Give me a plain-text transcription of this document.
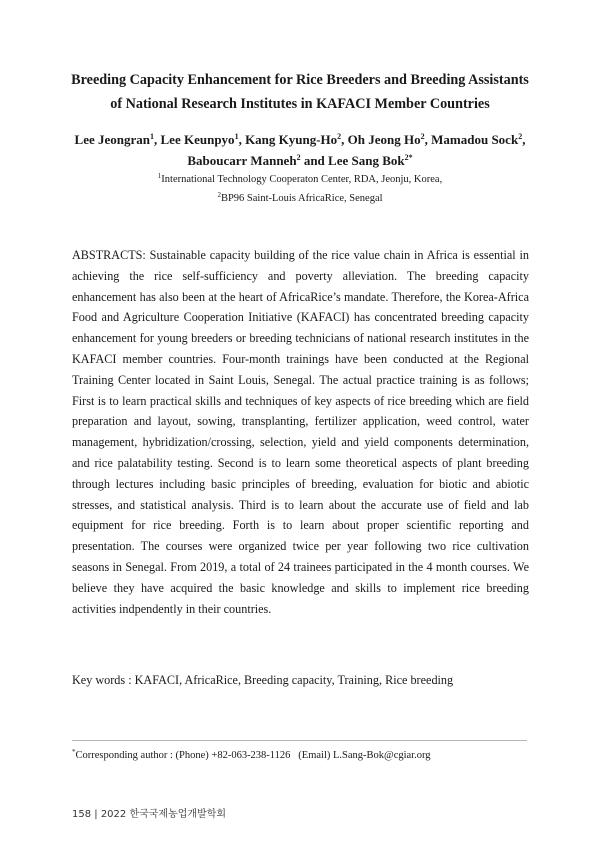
Breeding Capacity Enhancement for Rice Breeders and Breeding Assistants
of National Research Institutes in KAFACI Member Countries
Lee Jeongran$^1$, Lee Keunpyo$^1$, Kang Kyung-Ho$^2$, Oh Jeong Ho$^2$, Mamadou Sock$^2$,
Baboucarr Manneh$^2$ and Lee Sang Bok$^{2*}$
$^1$International Technology Cooperaton Center, RDA, Jeonju, Korea,
$^2$BP96 Saint-Louis AfricaRice, Senegal

ABSTRACTS: Sustainable capacity building of the rice value chain in Africa is essential in achieving the rice self-sufficiency and poverty alleviation. The breeding capacity enhancement has also been at the heart of AfricaRice’s mandate. Therefore, the Korea-Africa Food and Agriculture Cooperation Initiative (KAFACI) has concentrated breeding capacity enhancement for young breeders or breeding technicians of national research institutes in the KAFACI member countries. Four-month trainings have been conducted at the Regional Training Center located in Saint Louis, Senegal. The actual practice training is as follows; First is to learn practical skills and techniques of key aspects of rice breeding which are field preparation and layout, sowing, transplanting, fertilizer application, weed control, water management, hybridization/crossing, selection, yield and yield components determination, and rice palatability testing. Second is to learn some theoretical aspects of plant breeding through lectures including basic principles of breeding, evaluation for biotic and abiotic stresses, and statistical analysis. Third is to learn about the accurate use of field and lab equipment for rice breeding. Forth is to learn about proper scientific reporting and presentation. The courses were organized twice per year following two rice cultivation seasons in Senegal. From 2019, a total of 24 trainees participated in the 4 month courses. We believe they have acquired the basic knowledge and skills to implement rice breeding activities indpendently in their countries.

Key words : KAFACI, AfricaRice, Breeding capacity, Training, Rice breeding
*Corresponding author : (Phone) +82-063-238-1126   (Email) L.Sang-Bok@cgiar.org
158 | 2022 한국국제농업개발학회
